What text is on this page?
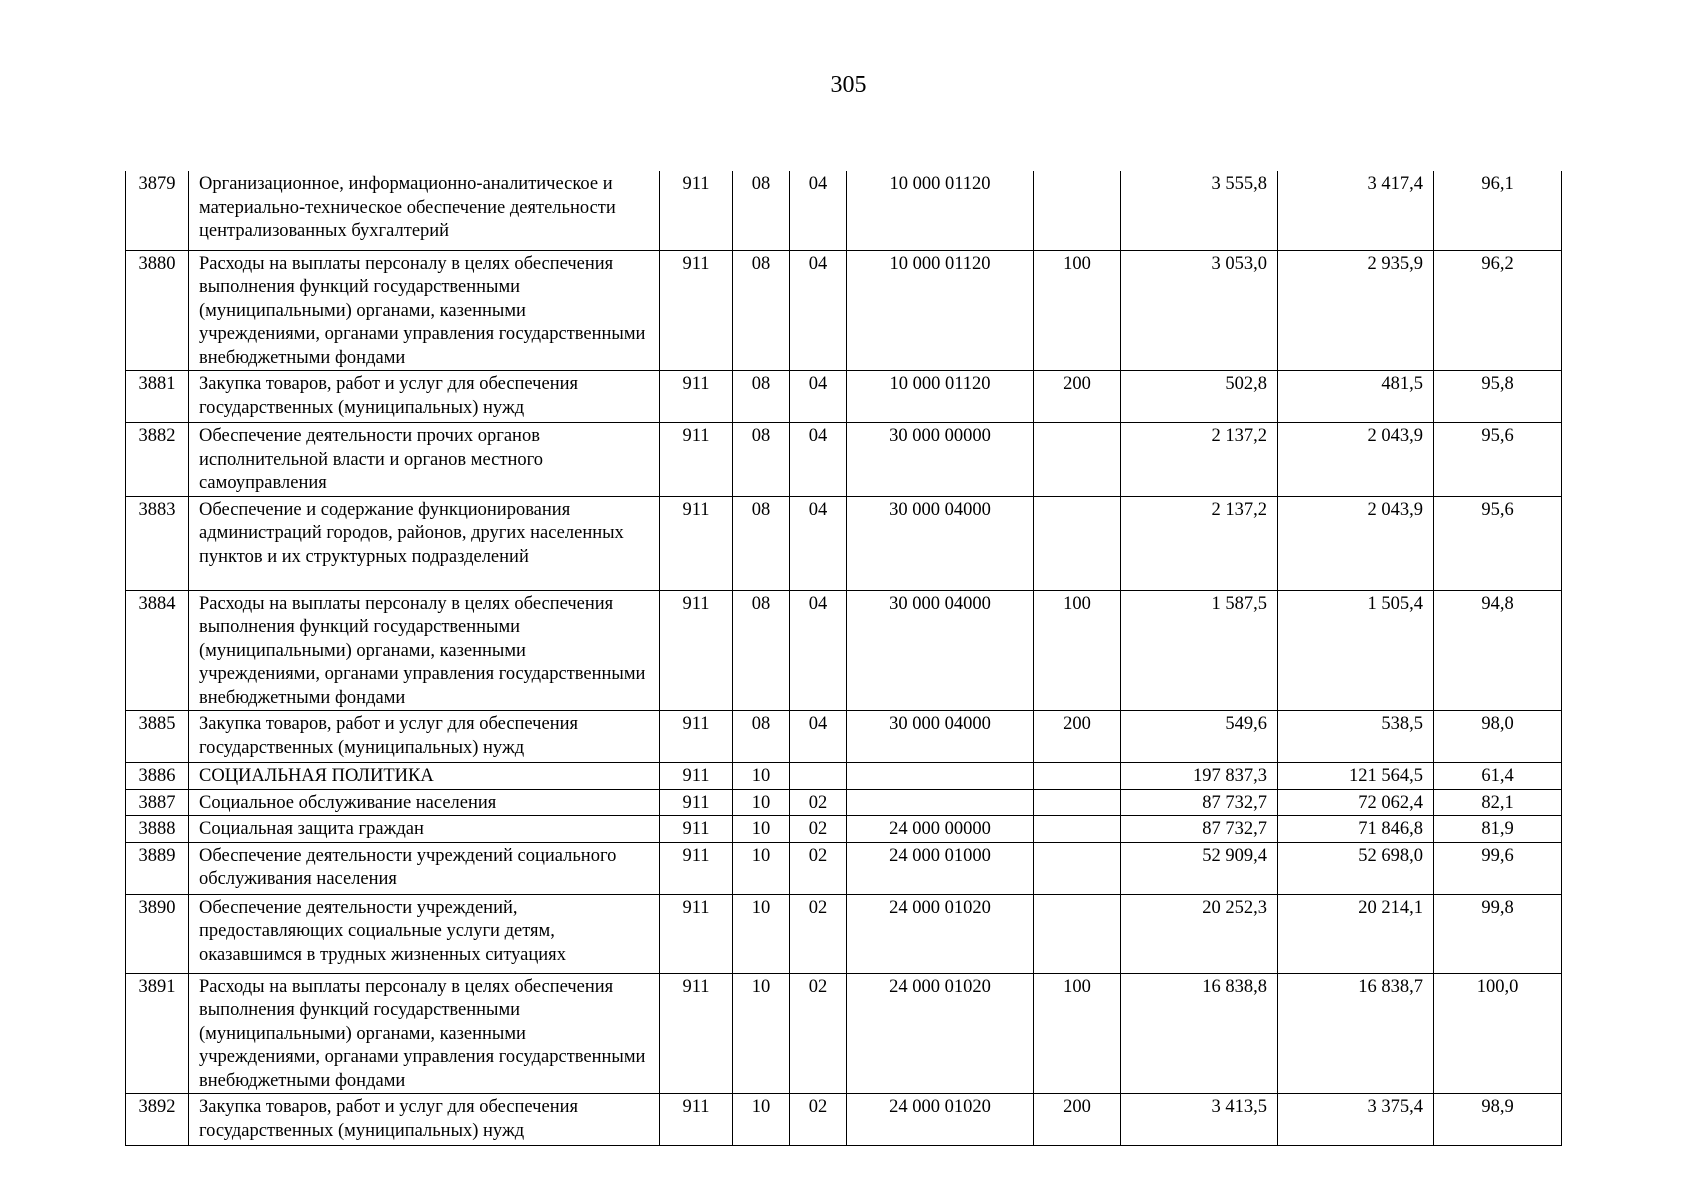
305
3879	Организационное, информационно-аналитическое и материально-техническое обеспечение деятельности централизованных бухгалтерий	911	08	04	10 000 01120		3 555,8	3 417,4	96,1
3880	Расходы на выплаты персоналу в целях обеспечения выполнения функций государственными (муниципальными) органами, казенными учреждениями, органами управления государственными внебюджетными фондами	911	08	04	10 000 01120	100	3 053,0	2 935,9	96,2
3881	Закупка товаров, работ и услуг для обеспечения государственных (муниципальных) нужд	911	08	04	10 000 01120	200	502,8	481,5	95,8
3882	Обеспечение деятельности прочих органов исполнительной власти и органов местного самоуправления	911	08	04	30 000 00000		2 137,2	2 043,9	95,6
3883	Обеспечение и содержание функционирования администраций городов, районов, других населенных пунктов и их структурных подразделений	911	08	04	30 000 04000		2 137,2	2 043,9	95,6
3884	Расходы на выплаты персоналу в целях обеспечения выполнения функций государственными (муниципальными) органами, казенными учреждениями, органами управления государственными внебюджетными фондами	911	08	04	30 000 04000	100	1 587,5	1 505,4	94,8
3885	Закупка товаров, работ и услуг для обеспечения государственных (муниципальных) нужд	911	08	04	30 000 04000	200	549,6	538,5	98,0
3886	СОЦИАЛЬНАЯ ПОЛИТИКА	911	10				197 837,3	121 564,5	61,4
3887	Социальное обслуживание населения	911	10	02			87 732,7	72 062,4	82,1
3888	Социальная защита граждан	911	10	02	24 000 00000		87 732,7	71 846,8	81,9
3889	Обеспечение деятельности учреждений социального обслуживания населения	911	10	02	24 000 01000		52 909,4	52 698,0	99,6
3890	Обеспечение деятельности учреждений, предоставляющих социальные услуги детям, оказавшимся в трудных жизненных ситуациях	911	10	02	24 000 01020		20 252,3	20 214,1	99,8
3891	Расходы на выплаты персоналу в целях обеспечения выполнения функций государственными (муниципальными) органами, казенными учреждениями, органами управления государственными внебюджетными фондами	911	10	02	24 000 01020	100	16 838,8	16 838,7	100,0
3892	Закупка товаров, работ и услуг для обеспечения государственных (муниципальных) нужд	911	10	02	24 000 01020	200	3 413,5	3 375,4	98,9
